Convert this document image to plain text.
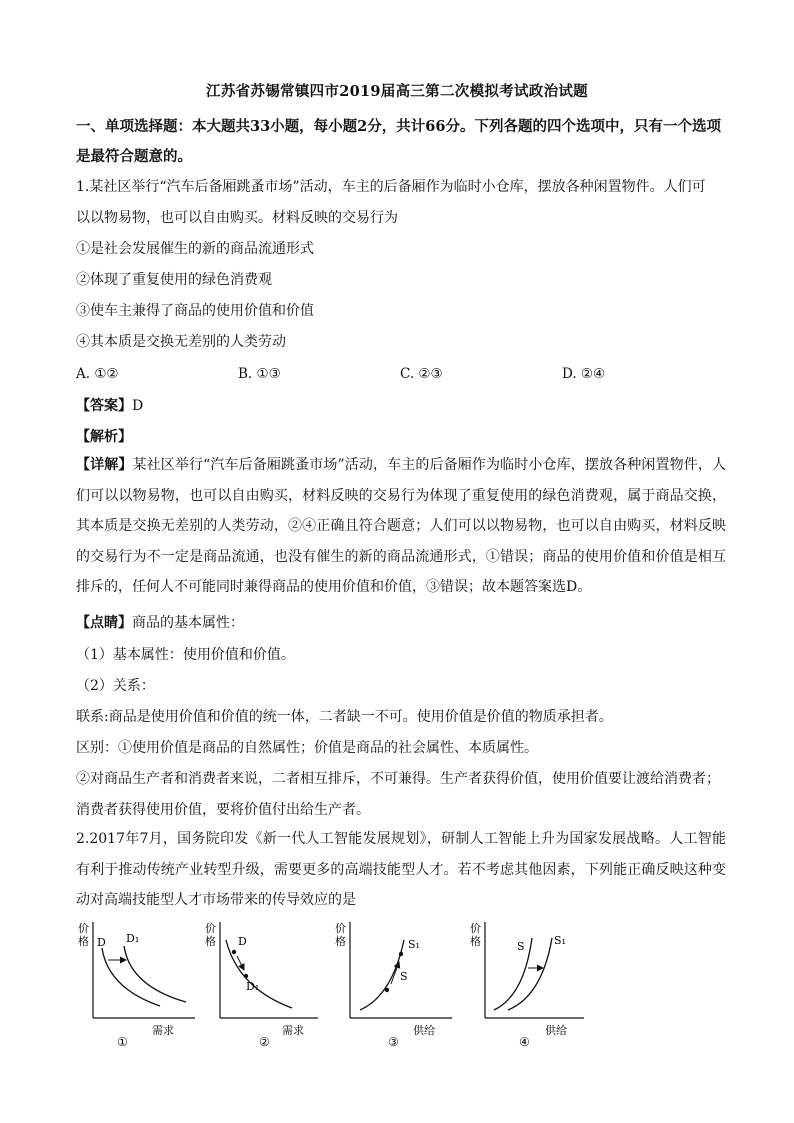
江苏省苏锡常镇四市2019届高三第二次模拟考试政治试题
一、单项选择题：本大题共33小题，每小题2分，共计66分。下列各题的四个选项中，只有一个选项是最符合题意的。
1.某社区举行“汽车后备厢跳蚤市场”活动，车主的后备厢作为临时小仓库，摆放各种闲置物件。人们可
以以物易物，也可以自由购买。材料反映的交易行为
①是社会发展催生的新的商品流通形式
②体现了重复使用的绿色消费观
③使车主兼得了商品的使用价值和价值
④其本质是交换无差别的人类劳动
A. ①②	B. ①③	C. ②③	D. ②④
【答案】D
【解析】
【详解】某社区举行“汽车后备厢跳蚤市场”活动，车主的后备厢作为临时小仓库，摆放各种闲置物件，人们可以以物易物，也可以自由购买，材料反映的交易行为体现了重复使用的绿色消费观，属于商品交换，其本质是交换无差别的人类劳动，②④正确且符合题意；人们可以以物易物，也可以自由购买，材料反映的交易行为不一定是商品流通，也没有催生的新的商品流通形式，①错误；商品的使用价值和价值是相互排斥的，任何人不可能同时兼得商品的使用价值和价值，③错误；故本题答案选D。
【点睛】商品的基本属性：
（1）基本属性：使用价值和价值。
（2）关系：
联系:商品是使用价值和价值的统一体，二者缺一不可。使用价值是价值的物质承担者。
区别：①使用价值是商品的自然属性；价值是商品的社会属性、本质属性。
②对商品生产者和消费者来说，二者相互排斥，不可兼得。生产者获得价值，使用价值要让渡给消费者；
消费者获得使用价值，要将价值付出给生产者。
2.2017年7月，国务院印发《新一代人工智能发展规划》，研制人工智能上升为国家发展战略。人工智能有利于推动传统产业转型升级，需要更多的高端技能型人才。若不考虑其他因素，下列能正确反映这种变动对高端技能型人才市场带来的传导效应的是
价
格
需求
①
D D₁
价
格
需求
②
D
D₁
价
格
供给
③
S₁
S
价
格
供给
④
S	S₁
